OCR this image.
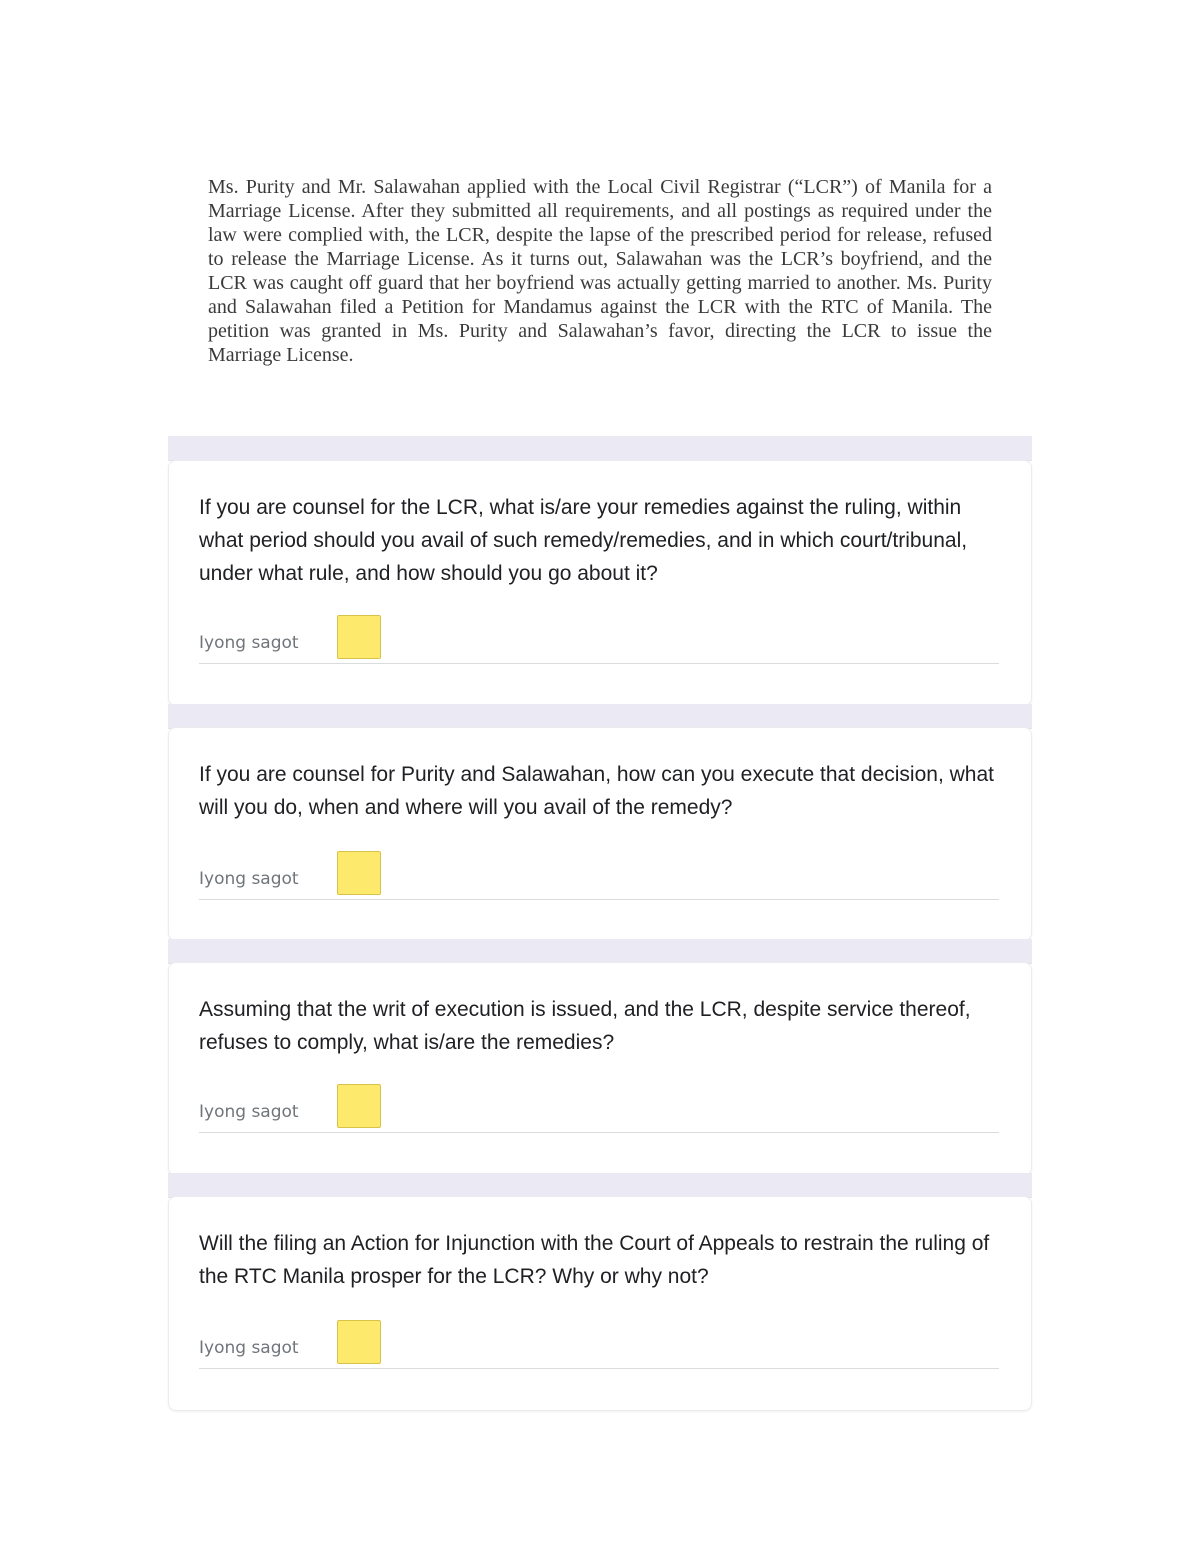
Ms. Purity and Mr. Salawahan applied with the Local Civil Registrar (“LCR”) of Manila for a Marriage License. After they submitted all requirements, and all postings as required under the law were complied with, the LCR, despite the lapse of the prescribed period for release, refused to release the Marriage License. As it turns out, Salawahan was the LCR’s boyfriend, and the LCR was caught off guard that her boyfriend was actually getting married to another. Ms. Purity and Salawahan filed a Petition for Mandamus against the LCR with the RTC of Manila. The petition was granted in Ms. Purity and Salawahan’s favor, directing the LCR to issue the Marriage License.

If you are counsel for the LCR, what is/are your remedies against the ruling, within what period should you avail of such remedy/remedies, and in which court/tribunal, under what rule, and how should you go about it?

Iyong sagot

If you are counsel for Purity and Salawahan, how can you execute that decision, what will you do, when and where will you avail of the remedy?

Iyong sagot

Assuming that the writ of execution is issued, and the LCR, despite service thereof, refuses to comply, what is/are the remedies?

Iyong sagot

Will the filing an Action for Injunction with the Court of Appeals to restrain the ruling of the RTC Manila prosper for the LCR? Why or why not?

Iyong sagot
